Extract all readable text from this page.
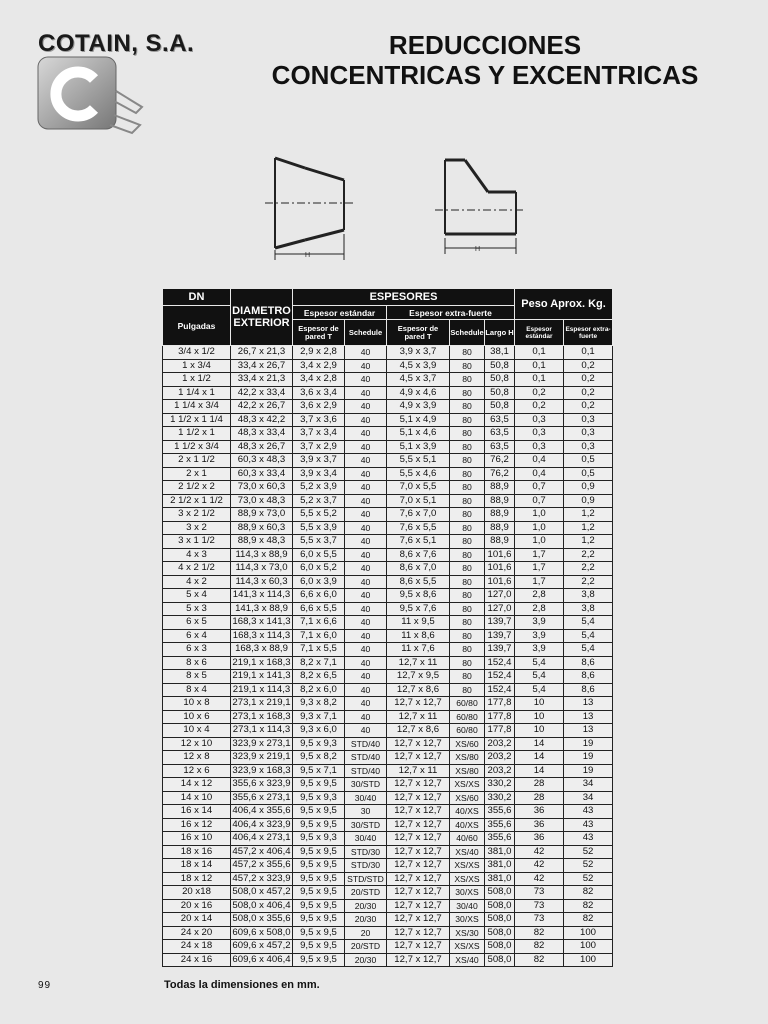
COTAIN, S.A.	REDUCCIONES
CONCENTRICAS Y EXCENTRICAS
H
H
DN	DIAMETRO EXTERIOR	ESPESORES					Peso Aprox. Kg.	
Pulgadas		Espesor estándar		Espesor extra-fuerte				
		Espesor de pared T	Schedule	Espesor de pared T	Schedule	Largo H	Espesor estándar	Espesor extra-fuerte
3/4 x 1/2	26,7 x 21,3	2,9 x 2,8	40	3,9 x 3,7	80	38,1	0,1	0,1
1 x 3/4	33,4 x 26,7	3,4 x 2,9	40	4,5 x 3,9	80	50,8	0,1	0,2
1 x 1/2	33,4 x 21,3	3,4 x 2,8	40	4,5 x 3,7	80	50,8	0,1	0,2
1 1/4 x 1	42,2 x 33,4	3,6 x 3,4	40	4,9 x 4,6	80	50,8	0,2	0,2
1 1/4 x 3/4	42,2 x 26,7	3,6 x 2,9	40	4,9 x 3,9	80	50,8	0,2	0,2
1 1/2 x 1 1/4	48,3 x 42,2	3,7 x 3,6	40	5,1 x 4,9	80	63,5	0,3	0,3
1 1/2 x 1	48,3 x 33,4	3,7 x 3,4	40	5,1 x 4,6	80	63,5	0,3	0,3
1 1/2 x 3/4	48,3 x 26,7	3,7 x 2,9	40	5,1 x 3,9	80	63,5	0,3	0,3
2 x 1 1/2	60,3 x 48,3	3,9 x 3,7	40	5,5 x 5,1	80	76,2	0,4	0,5
2 x 1	60,3 x 33,4	3,9 x 3,4	40	5,5 x 4,6	80	76,2	0,4	0,5
2 1/2 x 2	73,0 x 60,3	5,2 x 3,9	40	7,0 x 5,5	80	88,9	0,7	0,9
2 1/2 x 1 1/2	73,0 x 48,3	5,2 x 3,7	40	7,0 x 5,1	80	88,9	0,7	0,9
3 x 2 1/2	88,9 x 73,0	5,5 x 5,2	40	7,6 x 7,0	80	88,9	1,0	1,2
3 x 2	88,9 x 60,3	5,5 x 3,9	40	7,6 x 5,5	80	88,9	1,0	1,2
3 x 1 1/2	88,9 x 48,3	5,5 x 3,7	40	7,6 x 5,1	80	88,9	1,0	1,2
4 x 3	114,3 x 88,9	6,0 x 5,5	40	8,6 x 7,6	80	101,6	1,7	2,2
4 x 2 1/2	114,3 x 73,0	6,0 x 5,2	40	8,6 x 7,0	80	101,6	1,7	2,2
4 x 2	114,3 x 60,3	6,0 x 3,9	40	8,6 x 5,5	80	101,6	1,7	2,2
5 x 4	141,3 x 114,3	6,6 x 6,0	40	9,5 x 8,6	80	127,0	2,8	3,8
5 x 3	141,3 x 88,9	6,6 x 5,5	40	9,5 x 7,6	80	127,0	2,8	3,8
6 x 5	168,3 x 141,3	7,1 x 6,6	40	11 x 9,5	80	139,7	3,9	5,4
6 x 4	168,3 x 114,3	7,1 x 6,0	40	11 x 8,6	80	139,7	3,9	5,4
6 x 3	168,3 x 88,9	7,1 x 5,5	40	11 x 7,6	80	139,7	3,9	5,4
8 x 6	219,1 x 168,3	8,2 x 7,1	40	12,7 x 11	80	152,4	5,4	8,6
8 x 5	219,1 x 141,3	8,2 x 6,5	40	12,7 x 9,5	80	152,4	5,4	8,6
8 x 4	219,1 x 114,3	8,2 x 6,0	40	12,7 x 8,6	80	152,4	5,4	8,6
10 x 8	273,1 x 219,1	9,3 x 8,2	40	12,7 x 12,7	60/80	177,8	10	13
10 x 6	273,1 x 168,3	9,3 x 7,1	40	12,7 x 11	60/80	177,8	10	13
10 x 4	273,1 x 114,3	9,3 x 6,0	40	12,7 x 8,6	60/80	177,8	10	13
12 x 10	323,9 x 273,1	9,5 x 9,3	STD/40	12,7 x 12,7	XS/60	203,2	14	19
12 x 8	323,9 x 219,1	9,5 x 8,2	STD/40	12,7 x 12,7	XS/80	203,2	14	19
12 x 6	323,9 x 168,3	9,5 x 7,1	STD/40	12,7 x 11	XS/80	203,2	14	19
14 x 12	355,6 x 323,9	9,5 x 9,5	30/STD	12,7 x 12,7	XS/XS	330,2	28	34
14 x 10	355,6 x 273,1	9,5 x 9,3	30/40	12,7 x 12,7	XS/60	330,2	28	34
16 x 14	406,4 x 355,6	9,5 x 9,5	30	12,7 x 12,7	40/XS	355,6	36	43
16 x 12	406,4 x 323,9	9,5 x 9,5	30/STD	12,7 x 12,7	40/XS	355,6	36	43
16 x 10	406,4 x 273,1	9,5 x 9,3	30/40	12,7 x 12,7	40/60	355,6	36	43
18 x 16	457,2 x 406,4	9,5 x 9,5	STD/30	12,7 x 12,7	XS/40	381,0	42	52
18 x 14	457,2 x 355,6	9,5 x 9,5	STD/30	12,7 x 12,7	XS/XS	381,0	42	52
18 x 12	457,2 x 323,9	9,5 x 9,5	STD/STD	12,7 x 12,7	XS/XS	381,0	42	52
20 x18	508,0 x 457,2	9,5 x 9,5	20/STD	12,7 x 12,7	30/XS	508,0	73	82
20 x 16	508,0 x 406,4	9,5 x 9,5	20/30	12,7 x 12,7	30/40	508,0	73	82
20 x 14	508,0 x 355,6	9,5 x 9,5	20/30	12,7 x 12,7	30/XS	508,0	73	82
24 x 20	609,6 x 508,0	9,5 x 9,5	20	12,7 x 12,7	XS/30	508,0	82	100
24 x 18	609,6 x 457,2	9,5 x 9,5	20/STD	12,7 x 12,7	XS/XS	508,0	82	100
24 x 16	609,6 x 406,4	9,5 x 9,5	20/30	12,7 x 12,7	XS/40	508,0	82	100
99	Todas la dimensiones en mm.
